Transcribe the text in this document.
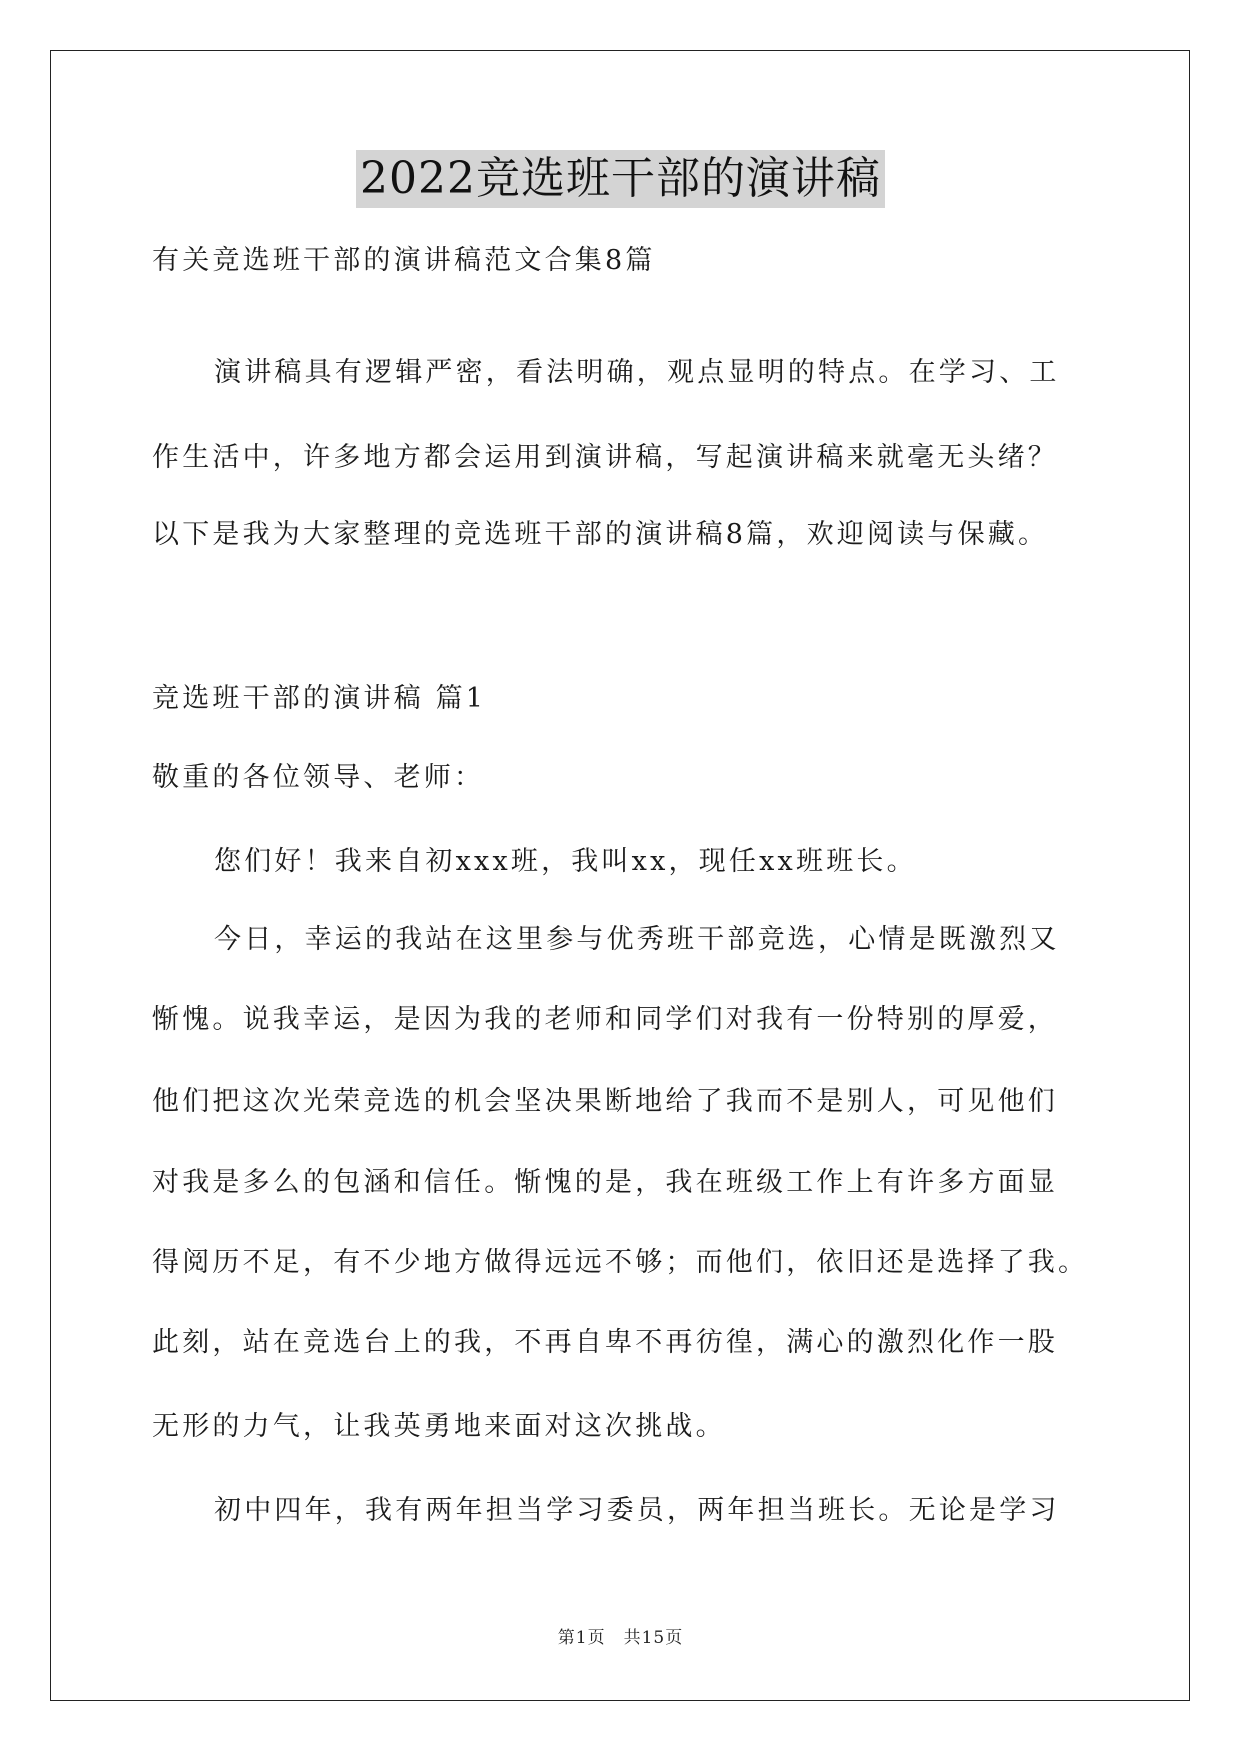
2022竞选班干部的演讲稿
有关竞选班干部的演讲稿范文合集8篇
演讲稿具有逻辑严密，看法明确，观点显明的特点。在学习、工
作生活中，许多地方都会运用到演讲稿，写起演讲稿来就毫无头绪？
以下是我为大家整理的竞选班干部的演讲稿8篇，欢迎阅读与保藏。
竞选班干部的演讲稿 篇1
敬重的各位领导、老师：
您们好！我来自初xxx班，我叫xx，现任xx班班长。
今日，幸运的我站在这里参与优秀班干部竞选，心情是既激烈又
惭愧。说我幸运，是因为我的老师和同学们对我有一份特别的厚爱，
他们把这次光荣竞选的机会坚决果断地给了我而不是别人，可见他们
对我是多么的包涵和信任。惭愧的是，我在班级工作上有许多方面显
得阅历不足，有不少地方做得远远不够；而他们，依旧还是选择了我。
此刻，站在竞选台上的我，不再自卑不再彷徨，满心的激烈化作一股
无形的力气，让我英勇地来面对这次挑战。
初中四年，我有两年担当学习委员，两年担当班长。无论是学习
第1页　共15页
